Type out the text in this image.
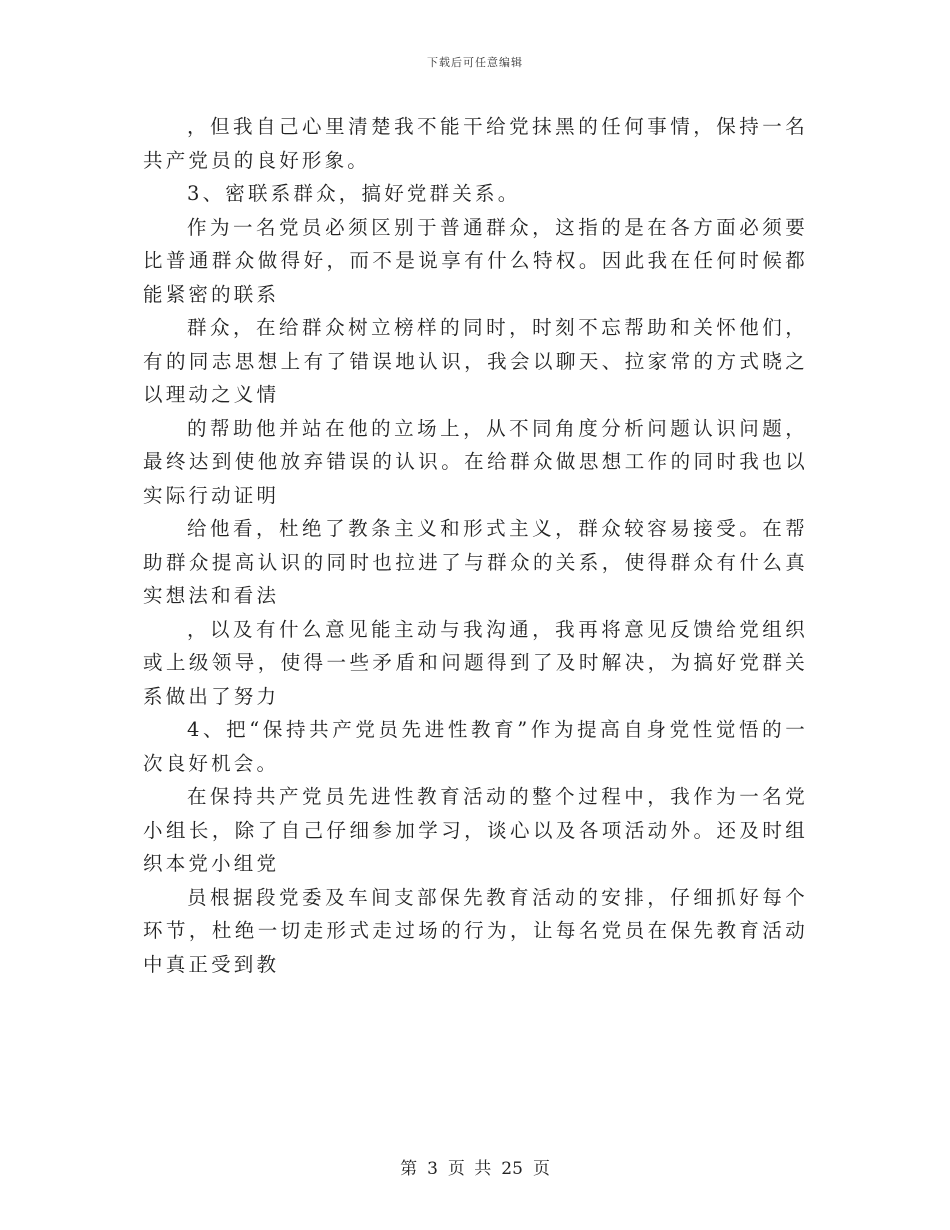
下载后可任意编辑

，但我自己心里清楚我不能干给党抹黑的任何事情，保持一名共产党员的良好形象。

3、密联系群众，搞好党群关系。

作为一名党员必须区别于普通群众，这指的是在各方面必须要比普通群众做得好，而不是说享有什么特权。因此我在任何时候都能紧密的联系

群众，在给群众树立榜样的同时，时刻不忘帮助和关怀他们，有的同志思想上有了错误地认识，我会以聊天、拉家常的方式晓之以理动之义情

的帮助他并站在他的立场上，从不同角度分析问题认识问题，最终达到使他放弃错误的认识。在给群众做思想工作的同时我也以实际行动证明

给他看，杜绝了教条主义和形式主义，群众较容易接受。在帮助群众提高认识的同时也拉进了与群众的关系，使得群众有什么真实想法和看法

，以及有什么意见能主动与我沟通，我再将意见反馈给党组织或上级领导，使得一些矛盾和问题得到了及时解决，为搞好党群关系做出了努力

4、把“保持共产党员先进性教育”作为提高自身党性觉悟的一次良好机会。

在保持共产党员先进性教育活动的整个过程中，我作为一名党小组长，除了自己仔细参加学习，谈心以及各项活动外。还及时组织本党小组党

员根据段党委及车间支部保先教育活动的安排，仔细抓好每个环节，杜绝一切走形式走过场的行为，让每名党员在保先教育活动中真正受到教

第 3 页 共 25 页
